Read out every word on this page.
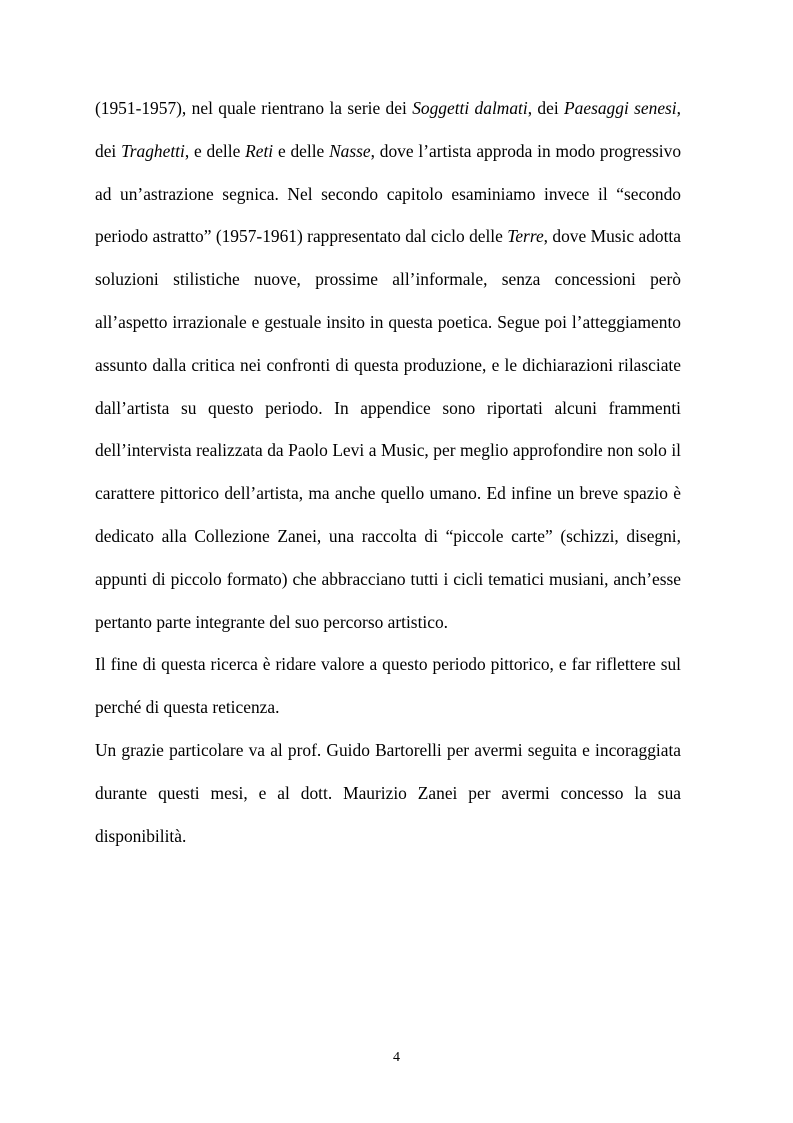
(1951-1957), nel quale rientrano la serie dei Soggetti dalmati, dei Paesaggi senesi, dei Traghetti, e delle Reti e delle Nasse, dove l’artista approda in modo progressivo ad un’astrazione segnica. Nel secondo capitolo esaminiamo invece il “secondo periodo astratto” (1957-1961) rappresentato dal ciclo delle Terre, dove Music adotta soluzioni stilistiche nuove, prossime all’informale, senza concessioni però all’aspetto irrazionale e gestuale insito in questa poetica. Segue poi l’atteggiamento assunto dalla critica nei confronti di questa produzione, e le dichiarazioni rilasciate dall’artista su questo periodo. In appendice sono riportati alcuni frammenti dell’intervista realizzata da Paolo Levi a Music, per meglio approfondire non solo il carattere pittorico dell’artista, ma anche quello umano. Ed infine un breve spazio è dedicato alla Collezione Zanei, una raccolta di “piccole carte” (schizzi, disegni, appunti di piccolo formato) che abbracciano tutti i cicli tematici musiani, anch’esse pertanto parte integrante del suo percorso artistico.

Il fine di questa ricerca è ridare valore a questo periodo pittorico, e far riflettere sul perché di questa reticenza.

Un grazie particolare va al prof. Guido Bartorelli per avermi seguita e incoraggiata durante questi mesi, e al dott. Maurizio Zanei per avermi concesso la sua disponibilità.

4
